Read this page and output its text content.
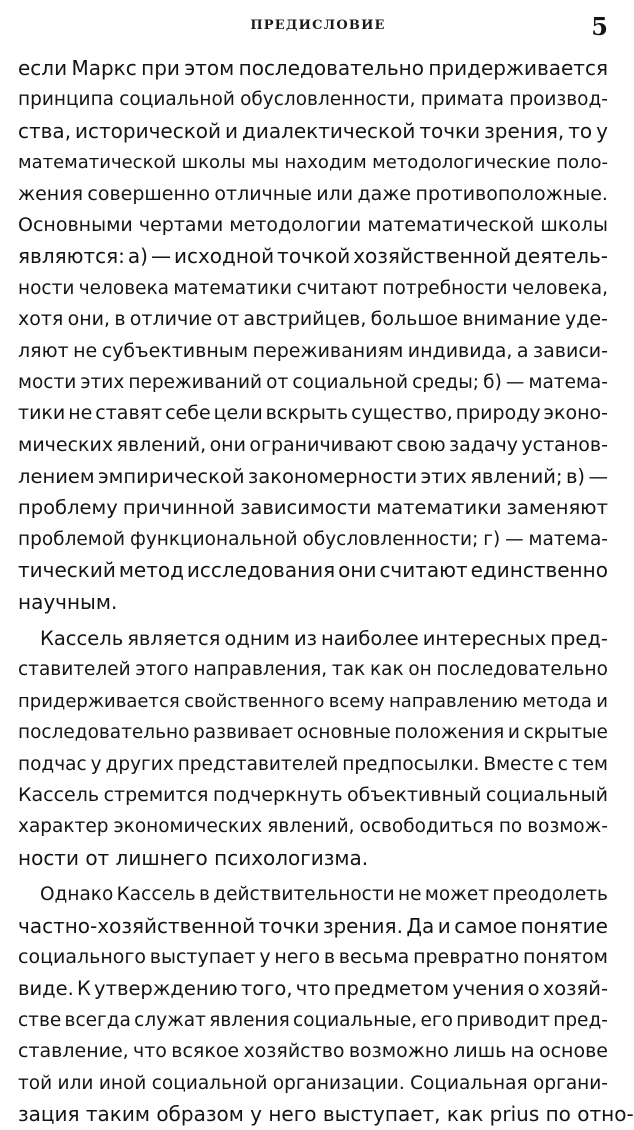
ПРЕДИСЛОВИЕ	5
если Маркс при этом последовательно придерживается
принципа социальной обусловленности, примата производ-
ства, исторической и диалектической точки зрения, то у
математической школы мы находим методологические поло-
жения совершенно отличные или даже противоположные.
Основными чертами методологии математической школы
являются: а) — исходной точкой хозяйственной деятель-
ности человека математики считают потребности человека,
хотя они, в отличие от австрийцев, большое внимание уде-
ляют не субъективным переживаниям индивида, а зависи-
мости этих переживаний от социальной среды; б) — матема-
тики не ставят себе цели вскрыть существо, природу эконо-
мических явлений, они ограничивают свою задачу установ-
лением эмпирической закономерности этих явлений; в) —
проблему причинной зависимости математики заменяют
проблемой функциональной обусловленности; г) — матема-
тический метод исследования они считают единственно
научным.
Кассель является одним из наиболее интересных пред-
ставителей этого направления, так как он последовательно
придерживается свойственного всему направлению метода и
последовательно развивает основные положения и скрытые
подчас у других представителей предпосылки. Вместе с тем
Кассель стремится подчеркнуть объективный социальный
характер экономических явлений, освободиться по возмож-
ности от лишнего психологизма.
Однако Кассель в действительности не может преодолеть
частно-хозяйственной точки зрения. Да и самое понятие
социального выступает у него в весьма превратно понятом
виде. К утверждению того, что предметом учения о хозяй-
стве всегда служат явления социальные, его приводит пред-
ставление, что всякое хозяйство возможно лишь на основе
той или иной социальной организации. Социальная органи-
зация таким образом у него выступает, как prius по отно-
